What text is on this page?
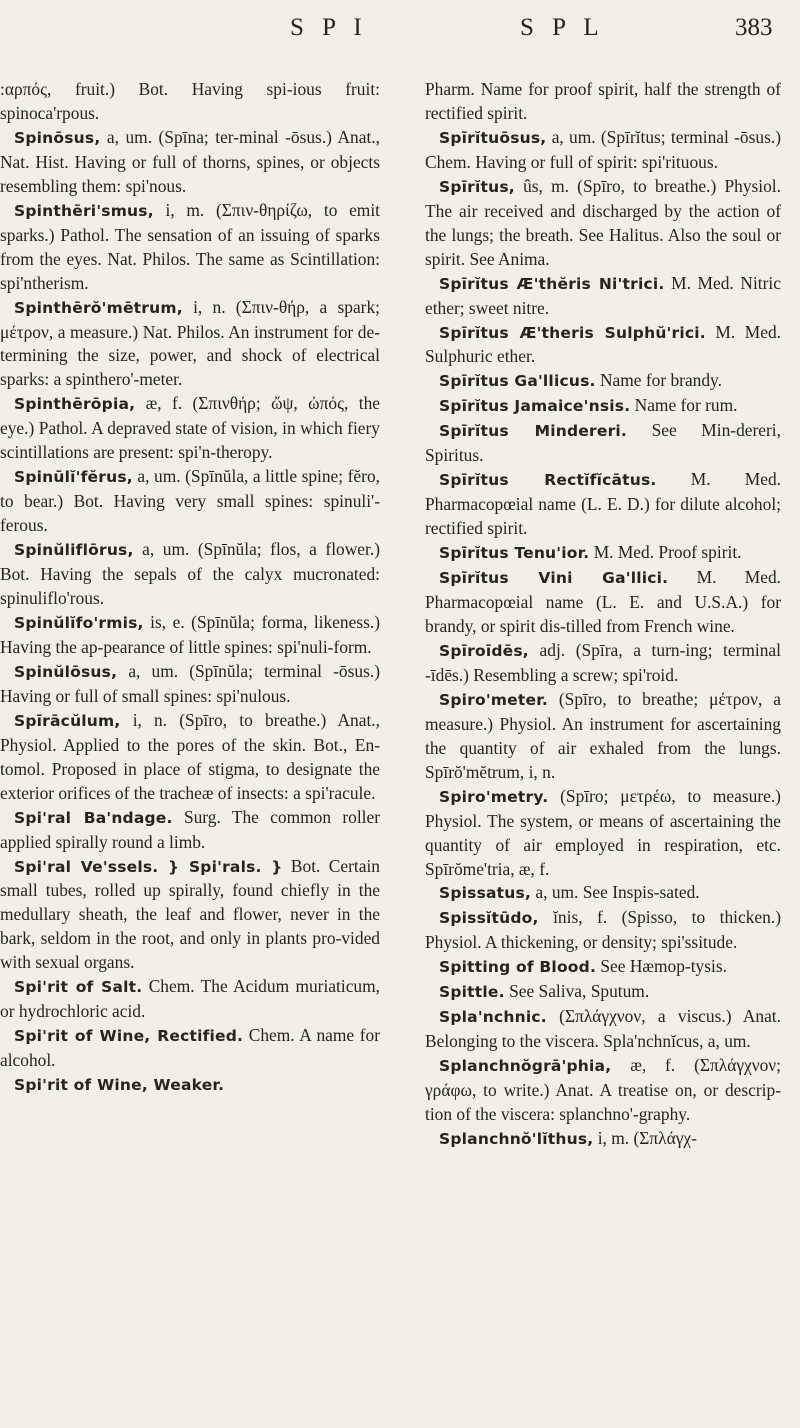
S P I	S P L	383

:αρπός, fruit.) Bot. Having spi-ious fruit: spinoca'rpous.

Spinōsus, a, um. (Spīna; ter-minal -ōsus.) Anat., Nat. Hist. Having or full of thorns, spines, or objects resembling them: spi'nous.

Spinthēri'smus, i, m. (Σπιν-θηρίζω, to emit sparks.) Pathol. The sensation of an issuing of sparks from the eyes. Nat. Philos. The same as Scintillation: spi'ntherism.

Spinthērŏ'mētrum, i, n. (Σπιν-θήρ, a spark; μέτρον, a measure.) Nat. Philos. An instrument for de-termining the size, power, and shock of electrical sparks: a spinthero'-meter.

Spinthērōpia, æ, f. (Σπινθήρ; ὤψ, ὠπός, the eye.) Pathol. A depraved state of vision, in which fiery scintillations are present: spi'n-theropy.

Spinūlĭ'fĕrus, a, um. (Spīnŭla, a little spine; fĕro, to bear.) Bot. Having very small spines: spinuli'-ferous.

Spinŭliflōrus, a, um. (Spīnŭla; flos, a flower.) Bot. Having the sepals of the calyx mucronated: spinuliflo'rous.

Spinŭlĭfo'rmis, is, e. (Spīnŭla; forma, likeness.) Having the ap-pearance of little spines: spi'nuli-form.

Spinŭlōsus, a, um. (Spīnŭla; terminal -ōsus.) Having or full of small spines: spi'nulous.

Spīrācŭlum, i, n. (Spīro, to breathe.) Anat., Physiol. Applied to the pores of the skin. Bot., En-tomol. Proposed in place of stigma, to designate the exterior orifices of the tracheæ of insects: a spi'racule.

Spi'ral Ba'ndage. Surg. The common roller applied spirally round a limb.

Spi'ral Ve'ssels. } Spi'rals. } Bot. Certain small tubes, rolled up spirally, found chiefly in the medullary sheath, the leaf and flower, never in the bark, seldom in the root, and only in plants pro-vided with sexual organs.

Spi'rit of Salt. Chem. The Acidum muriaticum, or hydrochloric acid.

Spi'rit of Wine, Rectified. Chem. A name for alcohol.

Spi'rit of Wine, Weaker.

Pharm. Name for proof spirit, half the strength of rectified spirit.

Spīrĭtuōsus, a, um. (Spīrĭtus; terminal -ōsus.) Chem. Having or full of spirit: spi'rituous.

Spīrĭtus, ûs, m. (Spīro, to breathe.) Physiol. The air received and discharged by the action of the lungs; the breath. See Halitus. Also the soul or spirit. See Anima.

Spīrĭtus Æ'thĕris Ni'trici. M. Med. Nitric ether; sweet nitre.

Spīrĭtus Æ'theris Sulphŭ'rici. M. Med. Sulphuric ether.

Spīrĭtus Ga'llicus. Name for brandy.

Spīrĭtus Jamaice'nsis. Name for rum.

Spīrĭtus Mindereri. See Min-dereri, Spiritus.

Spīrĭtus Rectĭfĭcātus. M. Med. Pharmacopœial name (L. E. D.) for dilute alcohol; rectified spirit.

Spīrĭtus Tenu'ior. M. Med. Proof spirit.

Spīrĭtus Vini Ga'llici. M. Med. Pharmacopœial name (L. E. and U.S.A.) for brandy, or spirit dis-tilled from French wine.

Spīroīdēs, adj. (Spīra, a turn-ing; terminal -īdēs.) Resembling a screw; spi'roid.

Spiro'meter. (Spīro, to breathe; μέτρον, a measure.) Physiol. An instrument for ascertaining the quantity of air exhaled from the lungs. Spīrŏ'mĕtrum, i, n.

Spiro'metry. (Spīro; μετρέω, to measure.) Physiol. The system, or means of ascertaining the quantity of air employed in respiration, etc. Spīrŏme'tria, æ, f.

Spissatus, a, um. See Inspis-sated.

Spissĭtūdo, ĭnis, f. (Spisso, to thicken.) Physiol. A thickening, or density; spi'ssitude.

Spitting of Blood. See Hæmop-tysis.

Spittle. See Saliva, Sputum.

Spla'nchnic. (Σπλάγχνον, a viscus.) Anat. Belonging to the viscera. Spla'nchnĭcus, a, um.

Splanchnŏgrā'phia, æ, f. (Σπλάγχνον; γράφω, to write.) Anat. A treatise on, or descrip-tion of the viscera: splanchno'-graphy.

Splanchnŏ'lĭthus, i, m. (Σπλάγχ-
